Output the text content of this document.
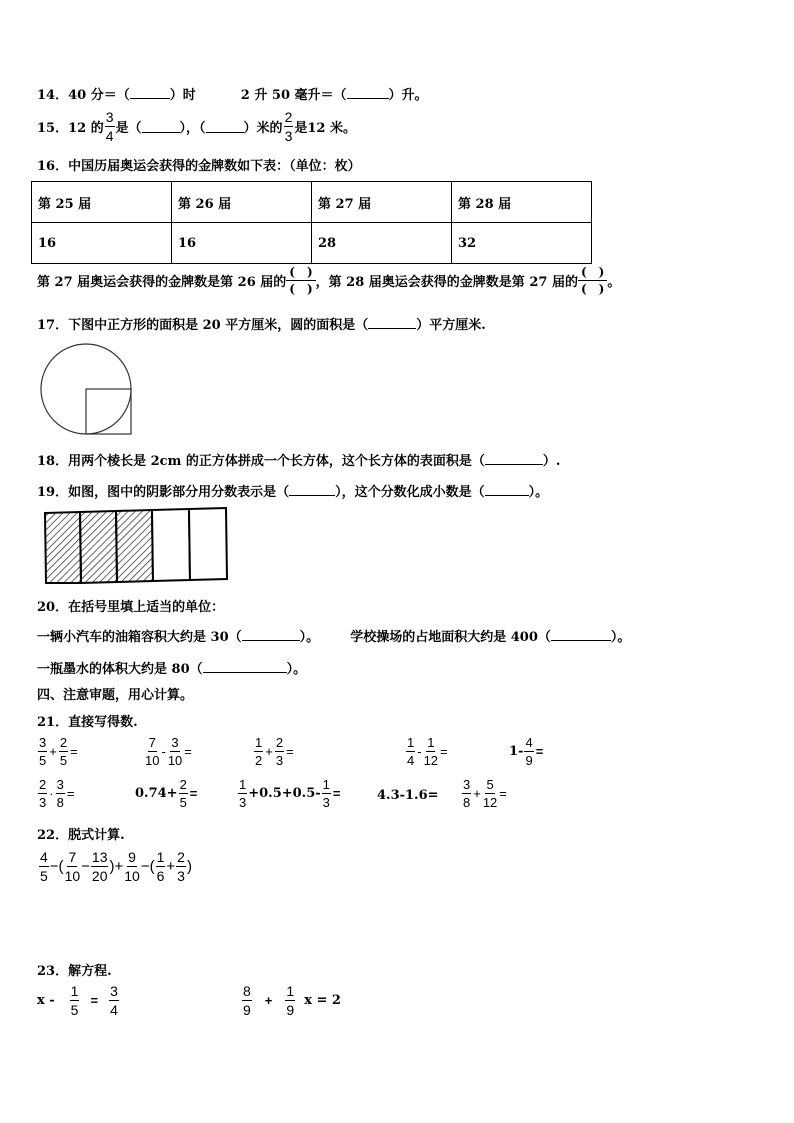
14．40 分＝（	）时	2 升 50 毫升＝（	）升。
15． 12 的 $\frac{3}{4}$ 是（	），（	）米的 $\frac{2}{3}$ 是12 米。
16．中国历届奥运会获得的金牌数如下表：（单位：枚）
第 25 届	第 26 届	第 27 届	第 28 届
16	16	28	32
第 27 届奥运会获得的金牌数是第 26 届的 $\frac{( )}{( )}$ ，第 28 届奥运会获得的金牌数是第 27 届的 $\frac{( )}{( )}$ 。
17．下图中正方形的面积是 20 平方厘米，圆的面积是（	）平方厘米.
18．用两个棱长是 2cm 的正方体拼成一个长方体，这个长方体的表面积是（	）.
19．如图，图中的阴影部分用分数表示是（	），这个分数化成小数是（	）。
20．在括号里填上适当的单位：
一辆小汽车的油箱容积大约是 30（	）。 学校操场的占地面积大约是 400（	）。
一瓶墨水的体积大约是 80（	）。
四、注意审题，用心计算。
21．直接写得数.
$\frac{3}{5} + \frac{2}{5}$ =	$\frac{7}{10} - \frac{3}{10}$ =	$\frac{1}{2} + \frac{2}{3}$ =	$\frac{1}{4} - \frac{1}{12}$ =	$1- \frac{4}{9}$ =
$\frac{2}{3} \cdot \frac{3}{8}$ =	$0.74+ \frac{2}{5}$ =	$\frac{1}{3} +0.5+0.5- \frac{1}{3}$ =	$4.3-1.6= \frac{3}{8} + \frac{5}{12}$ =
22．脱式计算.
$\frac{4}{5}$ −( $\frac{7}{10} - \frac{13}{20}$ )+ $\frac{9}{10}$ −( $\frac{1}{6} + \frac{2}{3}$ )
23．解方程.
$x - \frac{1}{5} = \frac{3}{4}$	$\frac{8}{9} + \frac{1}{9}$ x = 2
